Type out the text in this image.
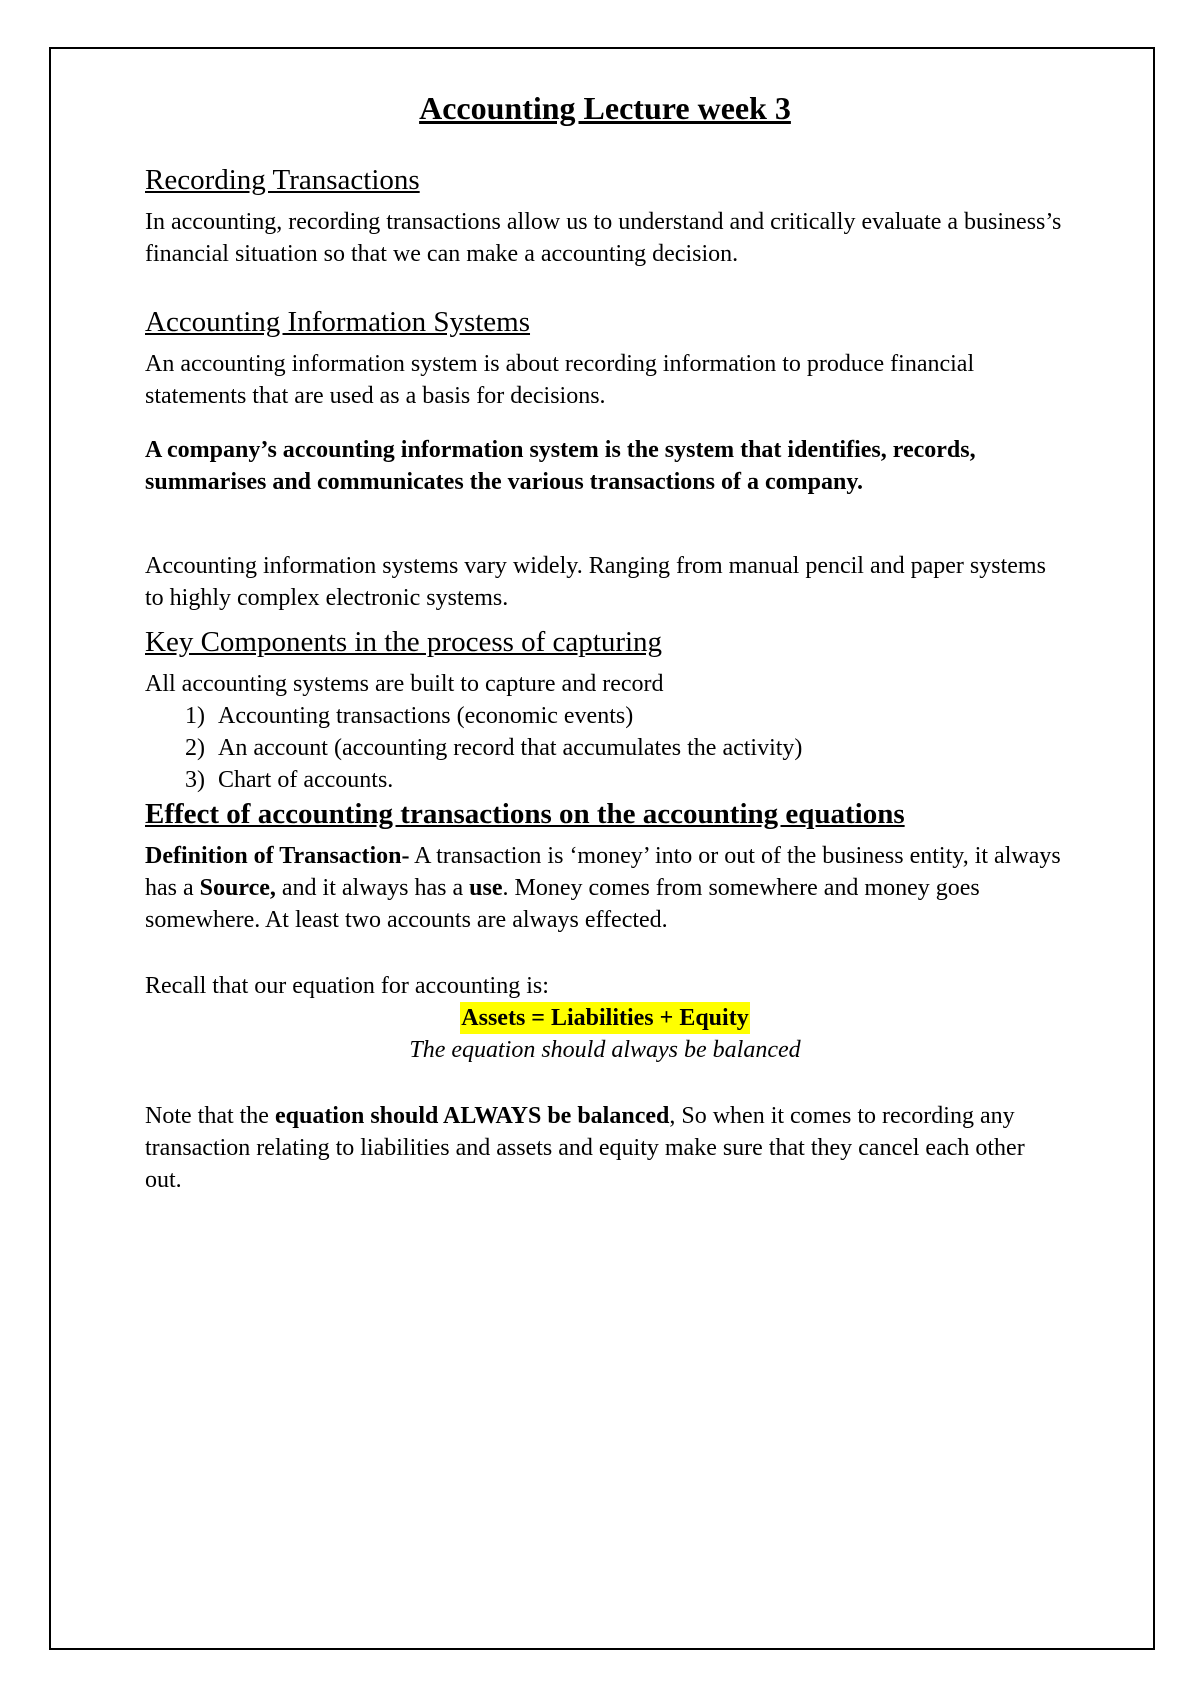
Accounting Lecture week 3
Recording Transactions

In accounting, recording transactions allow us to understand and critically evaluate a business’s financial situation so that we can make a accounting decision.

Accounting Information Systems

An accounting information system is about recording information to produce financial statements that are used as a basis for decisions.

A company’s accounting information system is the system that identifies, records, summarises and communicates the various transactions of a company.

Accounting information systems vary widely. Ranging from manual pencil and paper systems to highly complex electronic systems.

Key Components in the process of capturing

All accounting systems are built to capture and record

1) Accounting transactions (economic events)
2) An account (accounting record that accumulates the activity)
3) Chart of accounts.
Effect of accounting transactions on the accounting equations

Definition of Transaction- A transaction is ‘money’ into or out of the business entity, it always has a Source, and it always has a use. Money comes from somewhere and money goes somewhere. At least two accounts are always effected.

Recall that our equation for accounting is:

Assets = Liabilities + Equity

The equation should always be balanced

Note that the equation should ALWAYS be balanced, So when it comes to recording any transaction relating to liabilities and assets and equity make sure that they cancel each other out.
